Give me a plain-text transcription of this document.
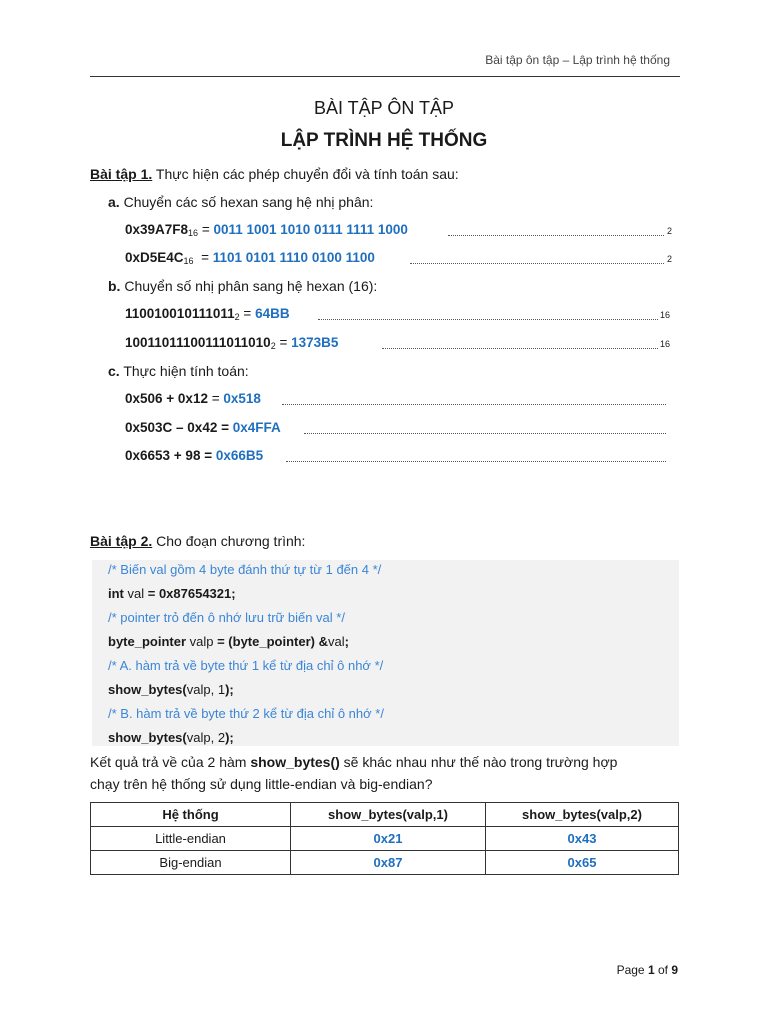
Bài tập ôn tập – Lập trình hệ thống
BÀI TẬP ÔN TẬP
LẬP TRÌNH HỆ THỐNG
Bài tập 1. Thực hiện các phép chuyển đổi và tính toán sau:
a. Chuyển các số hexan sang hệ nhị phân:
$0x39A7F8_{16} = 0011$ 1001 1010 0111 1111 1000	2
$0xD5E4C_{16} = 1101$ 0101 1110 0100 1100	2
b. Chuyển số nhị phân sang hệ hexan (16):
$110010010111011_2 = 64BB$	16
$10011011100111011010_2 = 1373B5$	16
c. Thực hiện tính toán:
0x506 + 0x12 = 0x518
0x503C – 0x42 = 0x4FFA
0x6653 + 98 = 0x66B5
Bài tập 2. Cho đoạn chương trình:
/* Biến val gồm 4 byte đánh thứ tự từ 1 đến 4 */
int val = 0x87654321;
/* pointer trỏ đến ô nhớ lưu trữ biến val */
byte_pointer valp = (byte_pointer) &val;
/* A. hàm trả về byte thứ 1 kể từ địa chỉ ô nhớ */
show_bytes(valp, 1);
/* B. hàm trả về byte thứ 2 kể từ địa chỉ ô nhớ */
show_bytes(valp, 2);
Kết quả trả về của 2 hàm show_bytes() sẽ khác nhau như thế nào trong trường hợp
chạy trên hệ thống sử dụng little-endian và big-endian?
Hệ thống	show_bytes(valp,1)	show_bytes(valp,2)
Little-endian	0x21	0x43
Big-endian	0x87	0x65
Page 1 of 9
